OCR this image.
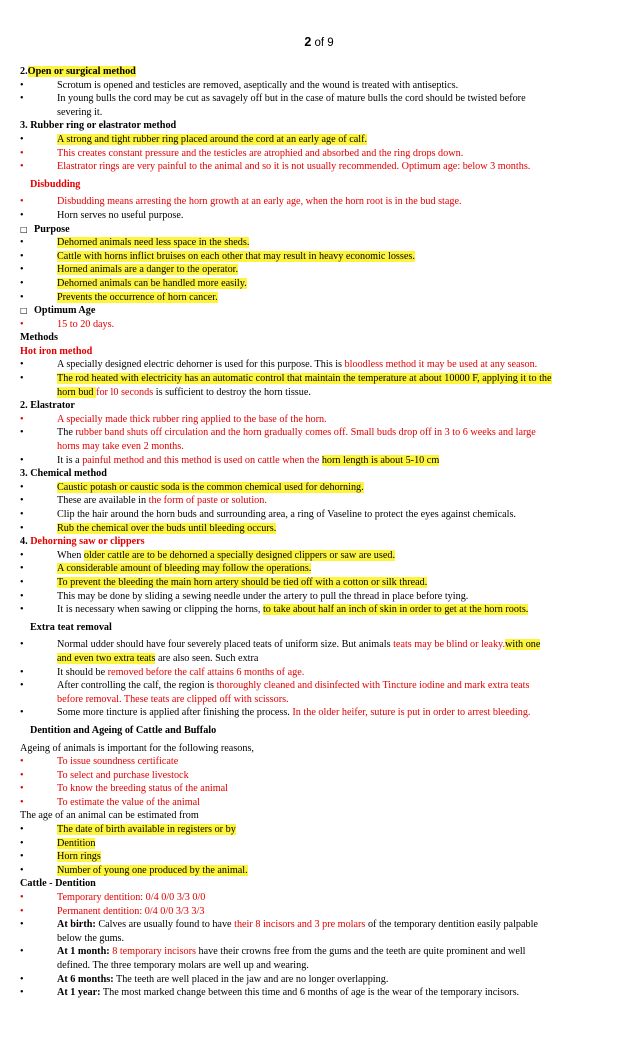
2 of 9
2.Open or surgical method
• Scrotum is opened and testicles are removed, aseptically and the wound is treated with antiseptics.
• In young bulls the cord may be cut as savagely off but in the case of mature bulls the cord should be twisted before severing it.
3. Rubber ring or elastrator method
• A strong and tight rubber ring placed around the cord at an early age of calf.
• This creates constant pressure and the testicles are atrophied and absorbed and the ring drops down.
• Elastrator rings are very painful to the animal and so it is not usually recommended. Optimum age: below 3 months.
Disbudding
• Disbudding means arresting the horn growth at an early age, when the horn root is in the bud stage.
• Horn serves no useful purpose.
□ Purpose
• Dehorned animals need less space in the sheds.
• Cattle with horns inflict bruises on each other that may result in heavy economic losses.
• Horned animals are a danger to the operator.
• Dehorned animals can be handled more easily.
• Prevents the occurrence of horn cancer.
□ Optimum Age
• 15 to 20 days.
Methods
Hot iron method
• A specially designed electric dehorner is used for this purpose. This is bloodless method it may be used at any season.
• The rod heated with electricity has an automatic control that maintain the temperature at about 10000 F, applying it to the horn bud for l0 seconds is sufficient to destroy the horn tissue.
2. Elastrator
• A specially made thick rubber ring applied to the base of the horn.
• The rubber band shuts off circulation and the horn gradually comes off. Small buds drop off in 3 to 6 weeks and large horns may take even 2 months.
• It is a painful method and this method is used on cattle when the horn length is about 5-10 cm
3. Chemical method
• Caustic potash or caustic soda is the common chemical used for dehorning.
• These are available in the form of paste or solution.
• Clip the hair around the horn buds and surrounding area, a ring of Vaseline to protect the eyes against chemicals.
• Rub the chemical over the buds until bleeding occurs.
4. Dehorning saw or clippers
• When older cattle are to be dehorned a specially designed clippers or saw are used.
• A considerable amount of bleeding may follow the operations.
• To prevent the bleeding the main horn artery should be tied off with a cotton or silk thread.
• This may be done by sliding a sewing needle under the artery to pull the thread in place before tying.
• It is necessary when sawing or clipping the horns, to take about half an inch of skin in order to get at the horn roots.
Extra teat removal
• Normal udder should have four severely placed teats of uniform size. But animals teats may be blind or leaky.with one and even two extra teats are also seen. Such extra
• It should be removed before the calf attains 6 months of age.
• After controlling the calf, the region is thoroughly cleaned and disinfected with Tincture iodine and mark extra teats before removal. These teats are clipped off with scissors.
• Some more tincture is applied after finishing the process. In the older heifer, suture is put in order to arrest bleeding.
Dentition and Ageing of Cattle and Buffalo
Ageing of animals is important for the following reasons,
• To issue soundness certificate
• To select and purchase livestock
• To know the breeding status of the animal
• To estimate the value of the animal
The age of an animal can be estimated from
• The date of birth available in registers or by
• Dentition
• Horn rings
• Number of young one produced by the animal.
Cattle - Dentition
• Temporary dentition: 0/4 0/0 3/3 0/0
• Permanent dentition: 0/4 0/0 3/3 3/3
• At birth: Calves are usually found to have their 8 incisors and 3 pre molars of the temporary dentition easily palpable below the gums.
• At 1 month: 8 temporary incisors have their crowns free from the gums and the teeth are quite prominent and well defined. The three temporary molars are well up and wearing.
• At 6 months: The teeth are well placed in the jaw and are no longer overlapping.
• At 1 year: The most marked change between this time and 6 months of age is the wear of the temporary incisors.
